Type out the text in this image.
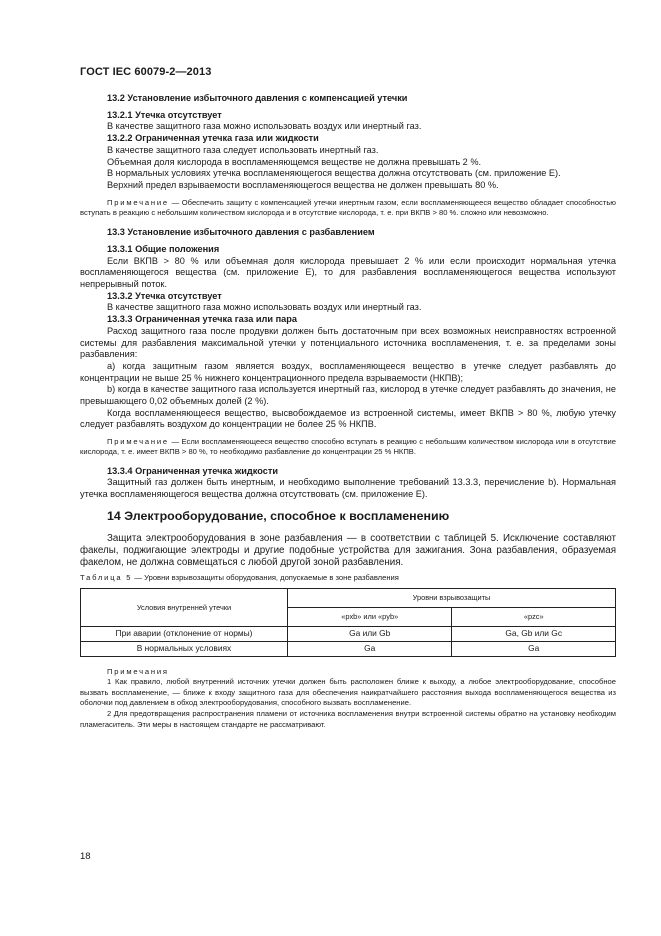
ГОСТ IEC 60079-2—2013

13.2 Установление избыточного давления с компенсацией утечки

13.2.1 Утечка отсутствует

В качестве защитного газа можно использовать воздух или инертный газ.

13.2.2 Ограниченная утечка газа или жидкости

В качестве защитного газа следует использовать инертный газ.

Объемная доля кислорода в воспламеняющемся веществе не должна превышать 2 %.

В нормальных условиях утечка воспламеняющегося вещества должна отсутствовать (см. приложение Е).

Верхний предел взрываемости воспламеняющегося вещества не должен превышать 80 %.

Примечание — Обеспечить защиту с компенсацией утечки инертным газом, если воспламеняющееся вещество обладает способностью вступать в реакцию с небольшим количеством кислорода и в отсутствие кислорода, т. е. при ВКПВ > 80 %. сложно или невозможно.

13.3 Установление избыточного давления с разбавлением

13.3.1 Общие положения

Если ВКПВ > 80 % или объемная доля кислорода превышает 2 % или если происходит нормальная утечка воспламеняющегося вещества (см. приложение Е), то для разбавления воспламеняющегося вещества используют непрерывный поток.

13.3.2 Утечка отсутствует

В качестве защитного газа можно использовать воздух или инертный газ.

13.3.3 Ограниченная утечка газа или пара

Расход защитного газа после продувки должен быть достаточным при всех возможных неисправностях встроенной системы для разбавления максимальной утечки у потенциального источника воспламенения, т. е. за пределами зоны разбавления:

a) когда защитным газом является воздух, воспламеняющееся вещество в утечке следует разбавлять до концентрации не выше 25 % нижнего концентрационного предела взрываемости (НКПВ);

b) когда в качестве защитного газа используется инертный газ, кислород в утечке следует разбавлять до значения, не превышающего 0,02 объемных долей (2 %).

Когда воспламеняющееся вещество, высвобождаемое из встроенной системы, имеет ВКПВ > 80 %, любую утечку следует разбавлять воздухом до концентрации не более 25 % НКПВ.

Примечание — Если воспламеняющееся вещество способно вступать в реакцию с небольшим количеством кислорода или в отсутствие кислорода, т. е. имеет ВКПВ > 80 %, то необходимо разбавление до концентрации 25 % НКПВ.

13.3.4 Ограниченная утечка жидкости

Защитный газ должен быть инертным, и необходимо выполнение требований 13.3.3, перечисление b). Нормальная утечка воспламеняющегося вещества должна отсутствовать (см. приложение Е).

14 Электрооборудование, способное к воспламенению

Защита электрооборудования в зоне разбавления — в соответствии с таблицей 5. Исключение составляют факелы, поджигающие электроды и другие подобные устройства для зажигания. Зона разбавления, образуемая факелом, не должна совмещаться с любой другой зоной разбавления.

Таблица 5 — Уровни взрывозащиты оборудования, допускаемые в зоне разбавления

Условия внутренней утечки	Уровни взрывозащиты	
	«pxb» или «pyb»	«pzc»
При аварии (отклонение от нормы)	Ga или Gb	Ga, Gb или Gc
В нормальных условиях	Ga	Ga

Примечания

1 Как правило, любой внутренний источник утечки должен быть расположен ближе к выходу, а любое электрооборудование, способное вызвать воспламенение, — ближе к входу защитного газа для обеспечения наикратчайшего расстояния выхода воспламеняющегося вещества из оболочки под давлением в обход электрооборудования, способного вызвать воспламенение.

2 Для предотвращения распространения пламени от источника воспламенения внутри встроенной системы обратно на установку необходим пламегаситель. Эти меры в настоящем стандарте не рассматривают.

18
